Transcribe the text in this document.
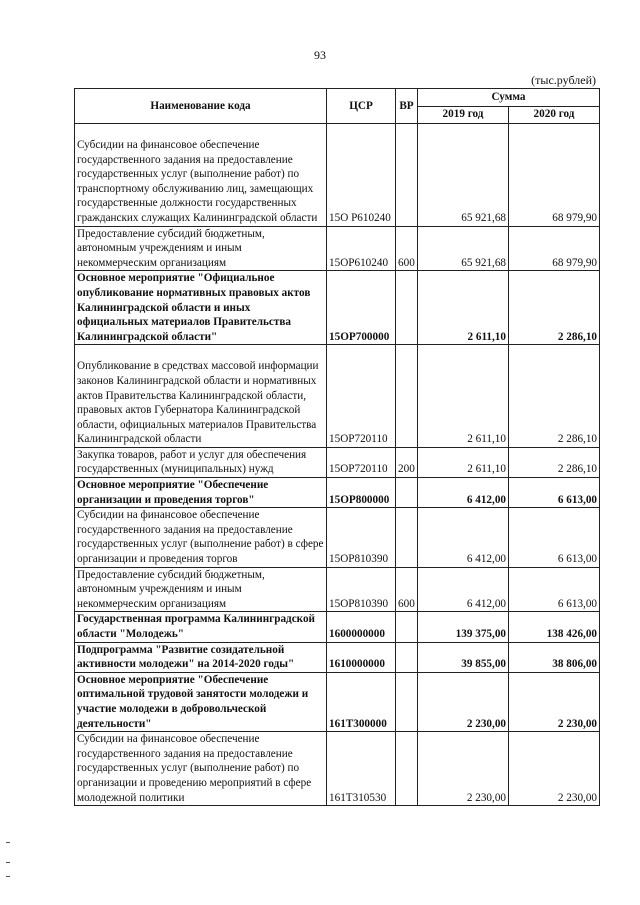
93
(тыс.рублей)
Наименование кода	ЦСР	ВР	Сумма	
			2019 год	2020 год
Субсидии на финансовое обеспечение государственного задания на предоставление государственных услуг (выполнение работ) по транспортному обслуживанию лиц, замещающих государственные должности государственных гражданских служащих Калининградской области	15О Р610240		65 921,68	68 979,90
Предоставление субсидий бюджетным, автономным учреждениям и иным некоммерческим организациям	15ОР610240	600	65 921,68	68 979,90
Основное мероприятие "Официальное опубликование нормативных правовых актов Калининградской области и иных официальных материалов Правительства Калининградской области"	15ОР700000		2 611,10	2 286,10
Опубликование в средствах массовой информации законов Калининградской области и нормативных актов Правительства Калининградской области, правовых актов Губернатора Калининградской области, официальных материалов Правительства Калининградской области	15ОР720110		2 611,10	2 286,10
Закупка товаров, работ и услуг для обеспечения государственных (муниципальных) нужд	15ОР720110	200	2 611,10	2 286,10
Основное мероприятие "Обеспечение организации и проведения торгов"	15ОР800000		6 412,00	6 613,00
Субсидии на финансовое обеспечение государственного задания на предоставление государственных услуг (выполнение работ) в сфере организации и проведения торгов	15ОР810390		6 412,00	6 613,00
Предоставление субсидий бюджетным, автономным учреждениям и иным некоммерческим организациям	15ОР810390	600	6 412,00	6 613,00
Государственная программа Калининградской области "Молодежь"	1600000000		139 375,00	138 426,00
Подпрограмма "Развитие созидательной активности молодежи" на 2014-2020 годы"	1610000000		39 855,00	38 806,00
Основное мероприятие "Обеспечение оптимальной трудовой занятости молодежи и участие молодежи в добровольческой деятельности"	161Т300000		2 230,00	2 230,00
Субсидии на финансовое обеспечение государственного задания на предоставление государственных услуг (выполнение работ) по организации и проведению мероприятий в сфере молодежной политики	161Т310530		2 230,00	2 230,00
